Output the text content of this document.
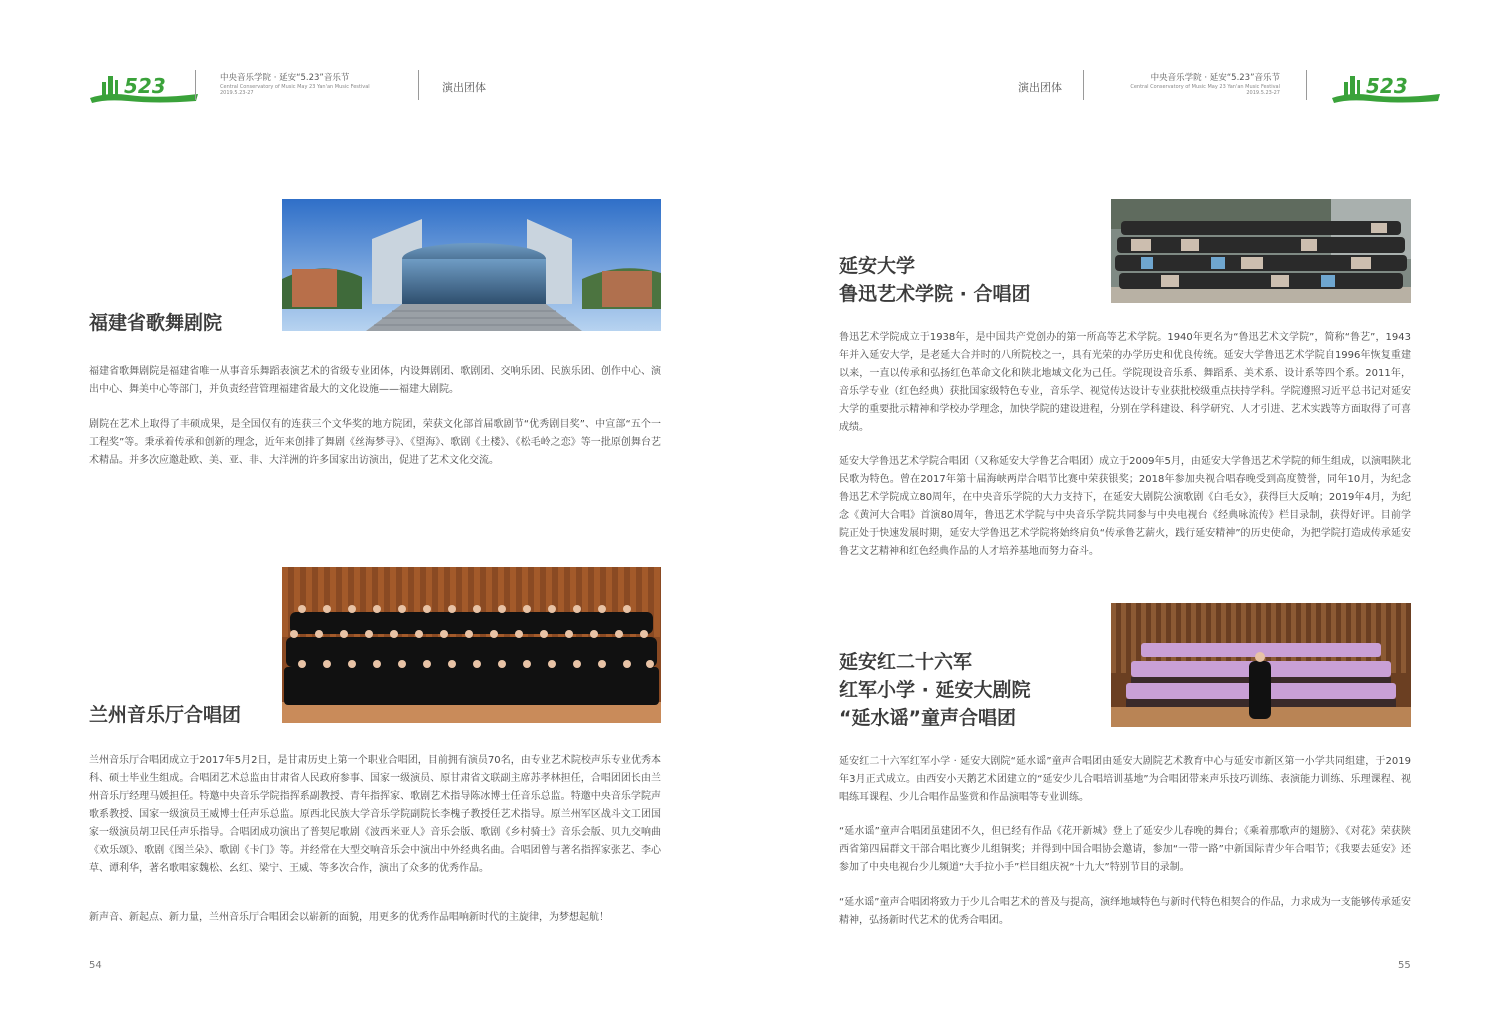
523	中央音乐学院 · 延安“5.23”音乐节
Central Conservatory of Music May 23 Yan'an Music Festival
2019.5.23-27	演出团体
福建省歌舞剧院

福建省歌舞剧院是福建省唯一从事音乐舞蹈表演艺术的省级专业团体，内设舞剧团、歌剧团、交响乐团、民族乐团、创作中心、演出中心、舞美中心等部门，并负责经营管理福建省最大的文化设施——福建大剧院。

剧院在艺术上取得了丰硕成果，是全国仅有的连获三个文华奖的地方院团，荣获文化部首届歌剧节“优秀剧目奖”、中宣部“五个一工程奖”等。秉承着传承和创新的理念，近年来创排了舞剧《丝海梦寻》、《望海》、歌剧《土楼》、《松毛岭之恋》等一批原创舞台艺术精品。并多次应邀赴欧、美、亚、非、大洋洲的许多国家出访演出，促进了艺术文化交流。

兰州音乐厅合唱团

兰州音乐厅合唱团成立于2017年5月2日，是甘肃历史上第一个职业合唱团，目前拥有演员70名，由专业艺术院校声乐专业优秀本科、硕士毕业生组成。合唱团艺术总监由甘肃省人民政府参事、国家一级演员、原甘肃省文联副主席苏孝林担任，合唱团团长由兰州音乐厅经理马媛担任。特邀中央音乐学院指挥系副教授、青年指挥家、歌剧艺术指导陈冰博士任音乐总监。特邀中央音乐学院声歌系教授、国家一级演员王威博士任声乐总监。原西北民族大学音乐学院副院长李槐子教授任艺术指导。原兰州军区战斗文工团国家一级演员胡卫民任声乐指导。合唱团成功演出了普契尼歌剧《波西米亚人》音乐会版、歌剧《乡村骑士》音乐会版、贝九交响曲《欢乐颂》、歌剧《图兰朵》、歌剧《卡门》等。并经常在大型交响音乐会中演出中外经典名曲。合唱团曾与著名指挥家张艺、李心草、谭利华，著名歌唱家魏松、幺红、梁宁、王威、等多次合作，演出了众多的优秀作品。

新声音、新起点、新力量，兰州音乐厅合唱团会以崭新的面貌，用更多的优秀作品唱响新时代的主旋律，为梦想起航！

54
演出团体
中央音乐学院 · 延安“5.23”音乐节
Central Conservatory of Music May 23 Yan'an Music Festival
2019.5.23-27	523
延安大学
鲁迅艺术学院 · 合唱团

鲁迅艺术学院成立于1938年，是中国共产党创办的第一所高等艺术学院。1940年更名为“鲁迅艺术文学院”，简称“鲁艺”，1943年并入延安大学，是老延大合并时的八所院校之一，具有光荣的办学历史和优良传统。延安大学鲁迅艺术学院自1996年恢复重建以来，一直以传承和弘扬红色革命文化和陕北地域文化为己任。学院现设音乐系、舞蹈系、美术系、设计系等四个系。2011年，音乐学专业（红色经典）获批国家级特色专业，音乐学、视觉传达设计专业获批校级重点扶持学科。学院遵照习近平总书记对延安大学的重要批示精神和学校办学理念，加快学院的建设进程，分别在学科建设、科学研究、人才引进、艺术实践等方面取得了可喜成绩。

延安大学鲁迅艺术学院合唱团（又称延安大学鲁艺合唱团）成立于2009年5月，由延安大学鲁迅艺术学院的师生组成，以演唱陕北民歌为特色。曾在2017年第十届海峡两岸合唱节比赛中荣获银奖；2018年参加央视合唱春晚受到高度赞誉，同年10月，为纪念鲁迅艺术学院成立80周年，在中央音乐学院的大力支持下，在延安大剧院公演歌剧《白毛女》，获得巨大反响；2019年4月，为纪念《黄河大合唱》首演80周年，鲁迅艺术学院与中央音乐学院共同参与中央电视台《经典咏流传》栏目录制，获得好评。目前学院正处于快速发展时期，延安大学鲁迅艺术学院将始终肩负“传承鲁艺薪火，践行延安精神”的历史使命，为把学院打造成传承延安鲁艺文艺精神和红色经典作品的人才培养基地而努力奋斗。

延安红二十六军
红军小学 · 延安大剧院
“延水谣”童声合唱团

延安红二十六军红军小学 · 延安大剧院“延水谣”童声合唱团由延安大剧院艺术教育中心与延安市新区第一小学共同组建，于2019年3月正式成立。由西安小天鹅艺术团建立的“延安少儿合唱培训基地”为合唱团带来声乐技巧训练、表演能力训练、乐理课程、视唱练耳课程、少儿合唱作品鉴赏和作品演唱等专业训练。

“延水谣”童声合唱团虽建团不久，但已经有作品《花开新城》登上了延安少儿春晚的舞台；《乘着那歌声的翅膀》、《对花》荣获陕西省第四届群文干部合唱比赛少儿组铜奖；并得到中国合唱协会邀请，参加“一带一路”中新国际青少年合唱节；《我要去延安》还参加了中央电视台少儿频道“大手拉小手”栏目组庆祝“十九大”特别节目的录制。

“延水谣”童声合唱团将致力于少儿合唱艺术的普及与提高，演绎地域特色与新时代特色相契合的作品，力求成为一支能够传承延安精神，弘扬新时代艺术的优秀合唱团。

55
